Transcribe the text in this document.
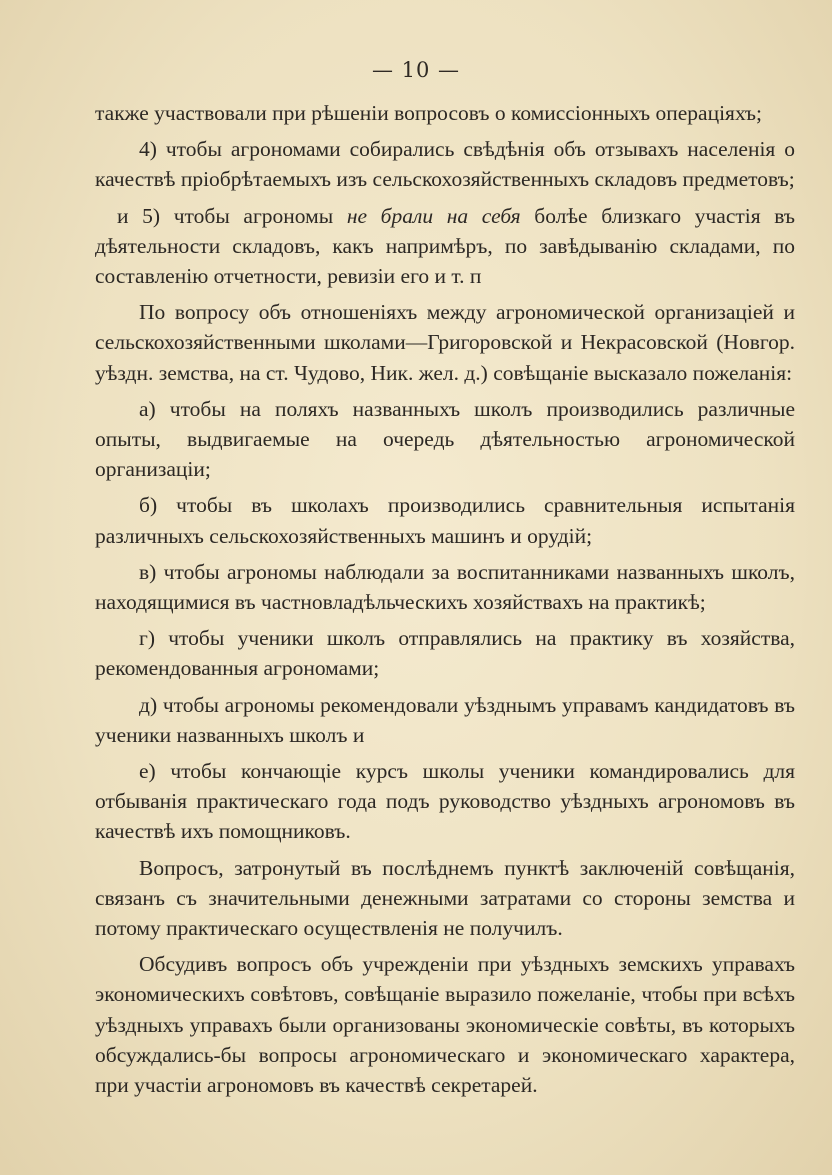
— 10 —

также участвовали при рѣшеніи вопросовъ о комиссіонныхъ операціяхъ;

4) чтобы агрономами собирались свѣдѣнія объ отзывахъ населенія о качествѣ пріобрѣтаемыхъ изъ сельскохозяйственныхъ складовъ предметовъ;

и 5) чтобы агрономы не брали на себя болѣе близкаго участія въ дѣятельности складовъ, какъ напримѣръ, по завѣдыванію складами, по составленію отчетности, ревизіи его и т. п

По вопросу объ отношеніяхъ между агрономической организаціей и сельскохозяйственными школами—Григоровской и Некрасовской (Новгор. уѣздн. земства, на ст. Чудово, Ник. жел. д.) совѣщаніе высказало пожеланія:

а) чтобы на поляхъ названныхъ школъ производились различные опыты, выдвигаемые на очередь дѣятельностью агрономической организаціи;

б) чтобы въ школахъ производились сравнительныя испытанія различныхъ сельскохозяйственныхъ машинъ и орудій;

в) чтобы агрономы наблюдали за воспитанниками названныхъ школъ, находящимися въ частновладѣльческихъ хозяйствахъ на практикѣ;

г) чтобы ученики школъ отправлялись на практику въ хозяйства, рекомендованныя агрономами;

д) чтобы агрономы рекомендовали уѣзднымъ управамъ кандидатовъ въ ученики названныхъ школъ и

е) чтобы кончающіе курсъ школы ученики командировались для отбыванія практическаго года подъ руководство уѣздныхъ агрономовъ въ качествѣ ихъ помощниковъ.

Вопросъ, затронутый въ послѣднемъ пунктѣ заключеній совѣщанія, связанъ съ значительными денежными затратами со стороны земства и потому практическаго осуществленія не получилъ.

Обсудивъ вопросъ объ учрежденіи при уѣздныхъ земскихъ управахъ экономическихъ совѣтовъ, совѣщаніе выразило пожеланіе, чтобы при всѣхъ уѣздныхъ управахъ были организованы экономическіе совѣты, въ которыхъ обсуждались-бы вопросы агрономическаго и экономическаго характера, при участіи агрономовъ въ качествѣ секретарей.
